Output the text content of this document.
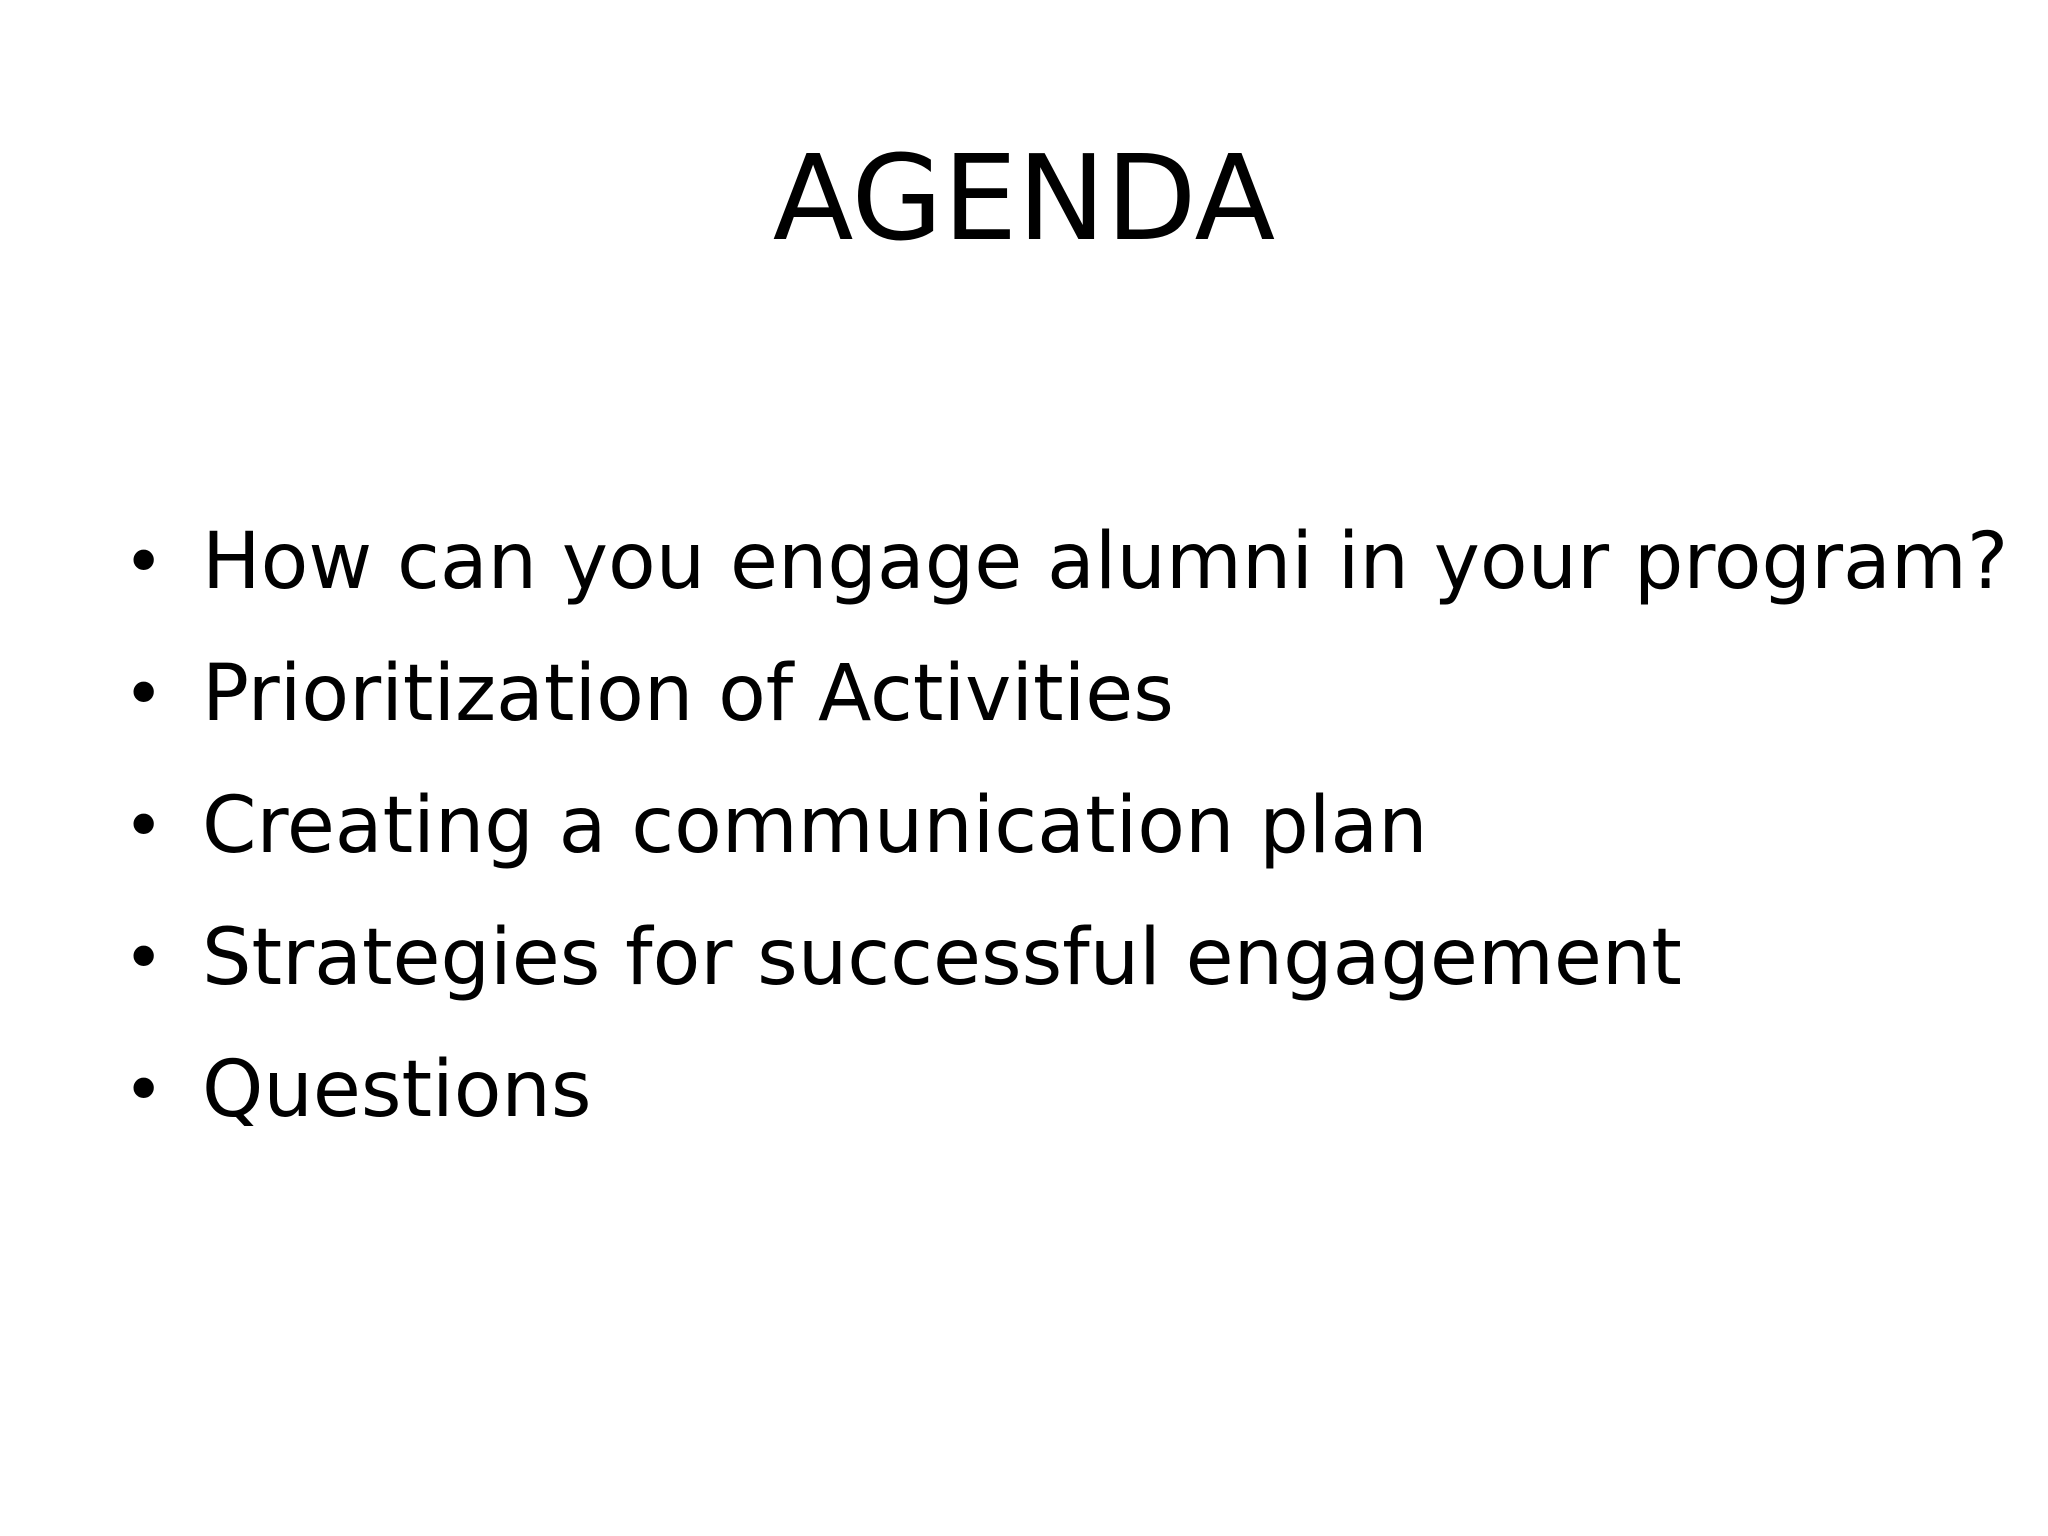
AGENDA
• How can you engage alumni in your program?
• Prioritization of Activities
• Creating a communication plan
• Strategies for successful engagement
• Questions
